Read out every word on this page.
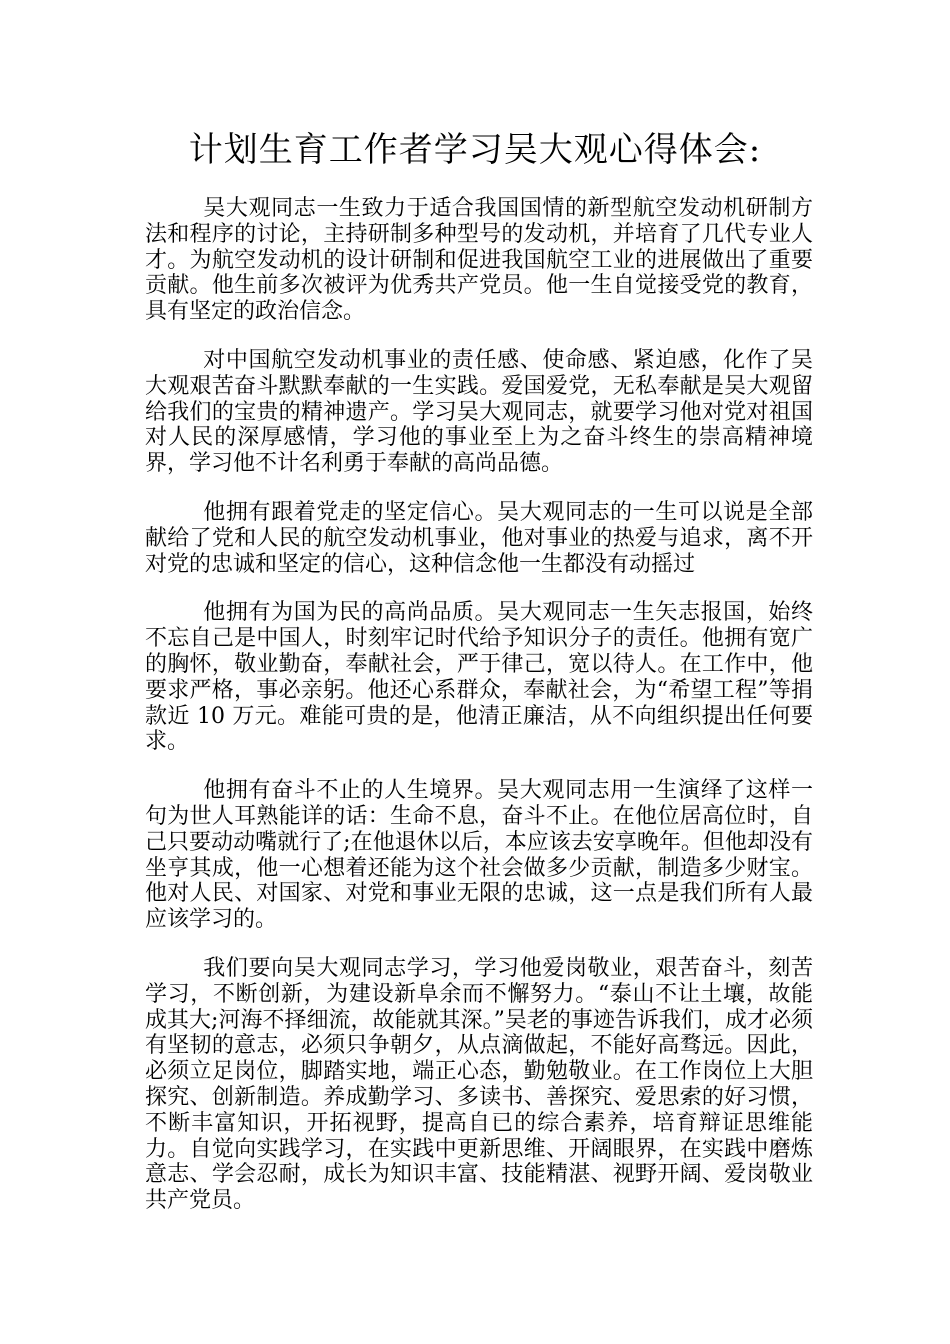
计划生育工作者学习吴大观心得体会:

吴大观同志一生致力于适合我国国情的新型航空发动机研制方法和程序的讨论，主持研制多种型号的发动机，并培育了几代专业人才。为航空发动机的设计研制和促进我国航空工业的进展做出了重要贡献。他生前多次被评为优秀共产党员。他一生自觉接受党的教育，具有坚定的政治信念。

对中国航空发动机事业的责任感、使命感、紧迫感，化作了吴大观艰苦奋斗默默奉献的一生实践。爱国爱党，无私奉献是吴大观留给我们的宝贵的精神遗产。学习吴大观同志，就要学习他对党对祖国对人民的深厚感情，学习他的事业至上为之奋斗终生的崇高精神境界，学习他不计名利勇于奉献的高尚品德。

他拥有跟着党走的坚定信心。吴大观同志的一生可以说是全部献给了党和人民的航空发动机事业，他对事业的热爱与追求，离不开对党的忠诚和坚定的信心，这种信念他一生都没有动摇过

他拥有为国为民的高尚品质。吴大观同志一生矢志报国，始终不忘自己是中国人，时刻牢记时代给予知识分子的责任。他拥有宽广的胸怀，敬业勤奋，奉献社会，严于律己，宽以待人。在工作中，他要求严格，事必亲躬。他还心系群众，奉献社会，为“希望工程”等捐款近 10 万元。难能可贵的是，他清正廉洁，从不向组织提出任何要求。

他拥有奋斗不止的人生境界。吴大观同志用一生演绎了这样一句为世人耳熟能详的话：生命不息，奋斗不止。在他位居高位时，自己只要动动嘴就行了;在他退休以后，本应该去安享晚年。但他却没有坐亨其成，他一心想着还能为这个社会做多少贡献，制造多少财宝。他对人民、对国家、对党和事业无限的忠诚，这一点是我们所有人最应该学习的。

我们要向吴大观同志学习，学习他爱岗敬业，艰苦奋斗，刻苦学习，不断创新，为建设新阜余而不懈努力。“泰山不让土壤，故能成其大;河海不择细流，故能就其深。”吴老的事迹告诉我们，成才必须有坚韧的意志，必须只争朝夕，从点滴做起，不能好高骛远。因此，必须立足岗位，脚踏实地，端正心态，勤勉敬业。在工作岗位上大胆探究、创新制造。养成勤学习、多读书、善探究、爱思索的好习惯，不断丰富知识，开拓视野，提高自已的综合素养，培育辩证思维能力。自觉向实践学习，在实践中更新思维、开阔眼界，在实践中磨炼意志、学会忍耐，成长为知识丰富、技能精湛、视野开阔、爱岗敬业共产党员。
